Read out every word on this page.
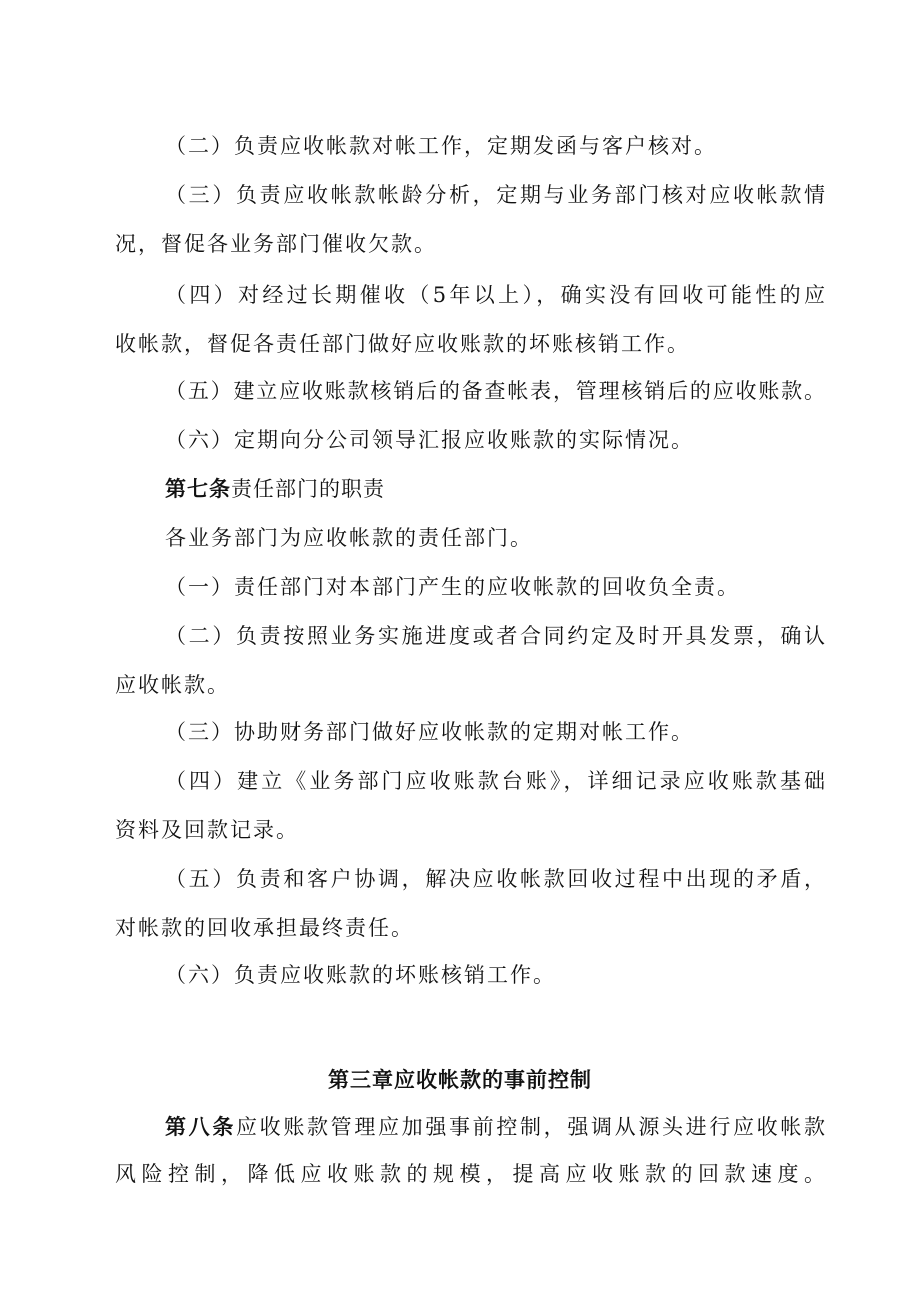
（二）负责应收帐款对帐工作，定期发函与客户核对。
（三）负责应收帐款帐龄分析，定期与业务部门核对应收帐款情
况，督促各业务部门催收欠款。
（四）对经过长期催收（5年以上），确实没有回收可能性的应
收帐款，督促各责任部门做好应收账款的坏账核销工作。
（五）建立应收账款核销后的备查帐表，管理核销后的应收账款。
（六）定期向分公司领导汇报应收账款的实际情况。
第七条责任部门的职责
各业务部门为应收帐款的责任部门。
（一）责任部门对本部门产生的应收帐款的回收负全责。
（二）负责按照业务实施进度或者合同约定及时开具发票，确认
应收帐款。
（三）协助财务部门做好应收帐款的定期对帐工作。
（四）建立《业务部门应收账款台账》，详细记录应收账款基础
资料及回款记录。
（五）负责和客户协调，解决应收帐款回收过程中出现的矛盾，
对帐款的回收承担最终责任。
（六）负责应收账款的坏账核销工作。
第三章应收帐款的事前控制
第八条应收账款管理应加强事前控制，强调从源头进行应收帐款
风险控制，降低应收账款的规模，提高应收账款的回款速度。
